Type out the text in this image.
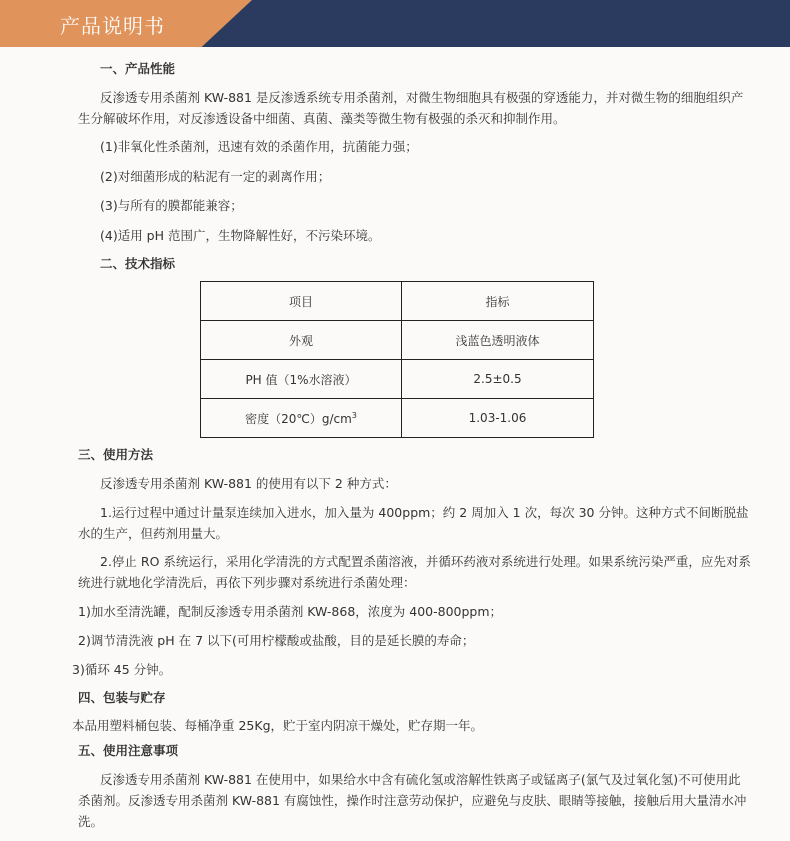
产品说明书
一、产品性能
反渗透专用杀菌剂 KW-881 是反渗透系统专用杀菌剂，对微生物细胞具有极强的穿透能力，并对微生物的细胞组织产
生分解破坏作用，对反渗透设备中细菌、真菌、藻类等微生物有极强的杀灭和抑制作用。
(1)非氧化性杀菌剂，迅速有效的杀菌作用，抗菌能力强；
(2)对细菌形成的粘泥有一定的剥离作用；
(3)与所有的膜都能兼容；
(4)适用 pH 范围广，生物降解性好，不污染环境。
二、技术指标
项目	指标
外观	浅蓝色透明液体
PH 值（1%水溶液）	2.5±0.5
密度$(20℃)g/cm^3$	1.03-1.06
三、使用方法
反渗透专用杀菌剂 KW-881 的使用有以下 2 种方式：
1.运行过程中通过计量泵连续加入进水，加入量为 400ppm；约 2 周加入 1 次，每次 30 分钟。这种方式不间断脱盐
水的生产，但药剂用量大。
2.停止 RO 系统运行，采用化学清洗的方式配置杀菌溶液，并循环药液对系统进行处理。如果系统污染严重，应先对系
统进行就地化学清洗后，再依下列步骤对系统进行杀菌处理：
1)加水至清洗罐，配制反渗透专用杀菌剂 KW-868，浓度为 400-800ppm；
2)调节清洗液 pH 在 7 以下(可用柠檬酸或盐酸，目的是延长膜的寿命；
3)循环 45 分钟。
四、包装与贮存
本品用塑料桶包装、每桶净重 25Kg，贮于室内阴凉干燥处，贮存期一年。
五、使用注意事项
反渗透专用杀菌剂 KW-881 在使用中，如果给水中含有硫化氢或溶解性铁离子或锰离子(氯气及过氧化氢)不可使用此
杀菌剂。反渗透专用杀菌剂 KW-881 有腐蚀性，操作时注意劳动保护，应避免与皮肤、眼睛等接触，接触后用大量清水冲
洗。
